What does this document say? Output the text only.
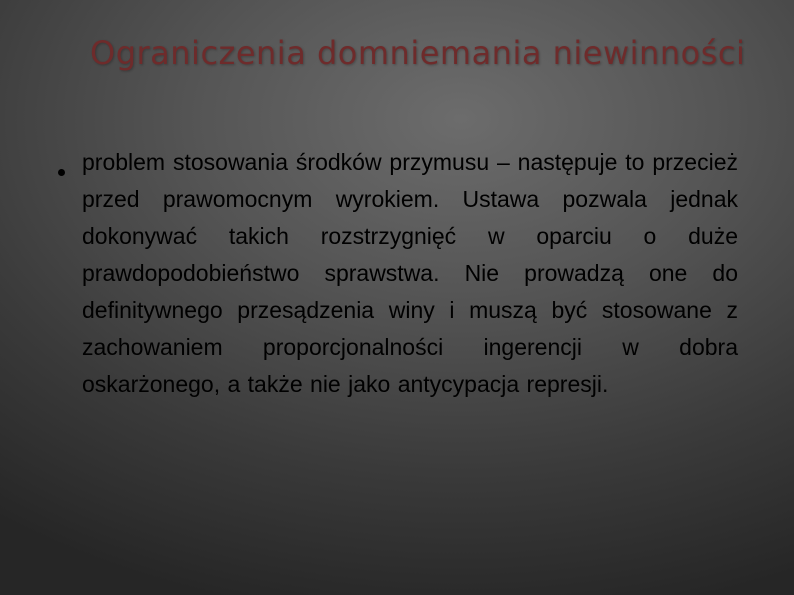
Ograniczenia domniemania niewinności
problem stosowania środków przymusu – następuje to przecież przed prawomocnym wyrokiem. Ustawa pozwala jednak dokonywać takich rozstrzygnięć w oparciu o duże prawdopodobieństwo sprawstwa. Nie prowadzą one do definitywnego przesądzenia winy i muszą być stosowane z zachowaniem proporcjonalności ingerencji w dobra oskarżonego, a także nie jako antycypacja represji.
